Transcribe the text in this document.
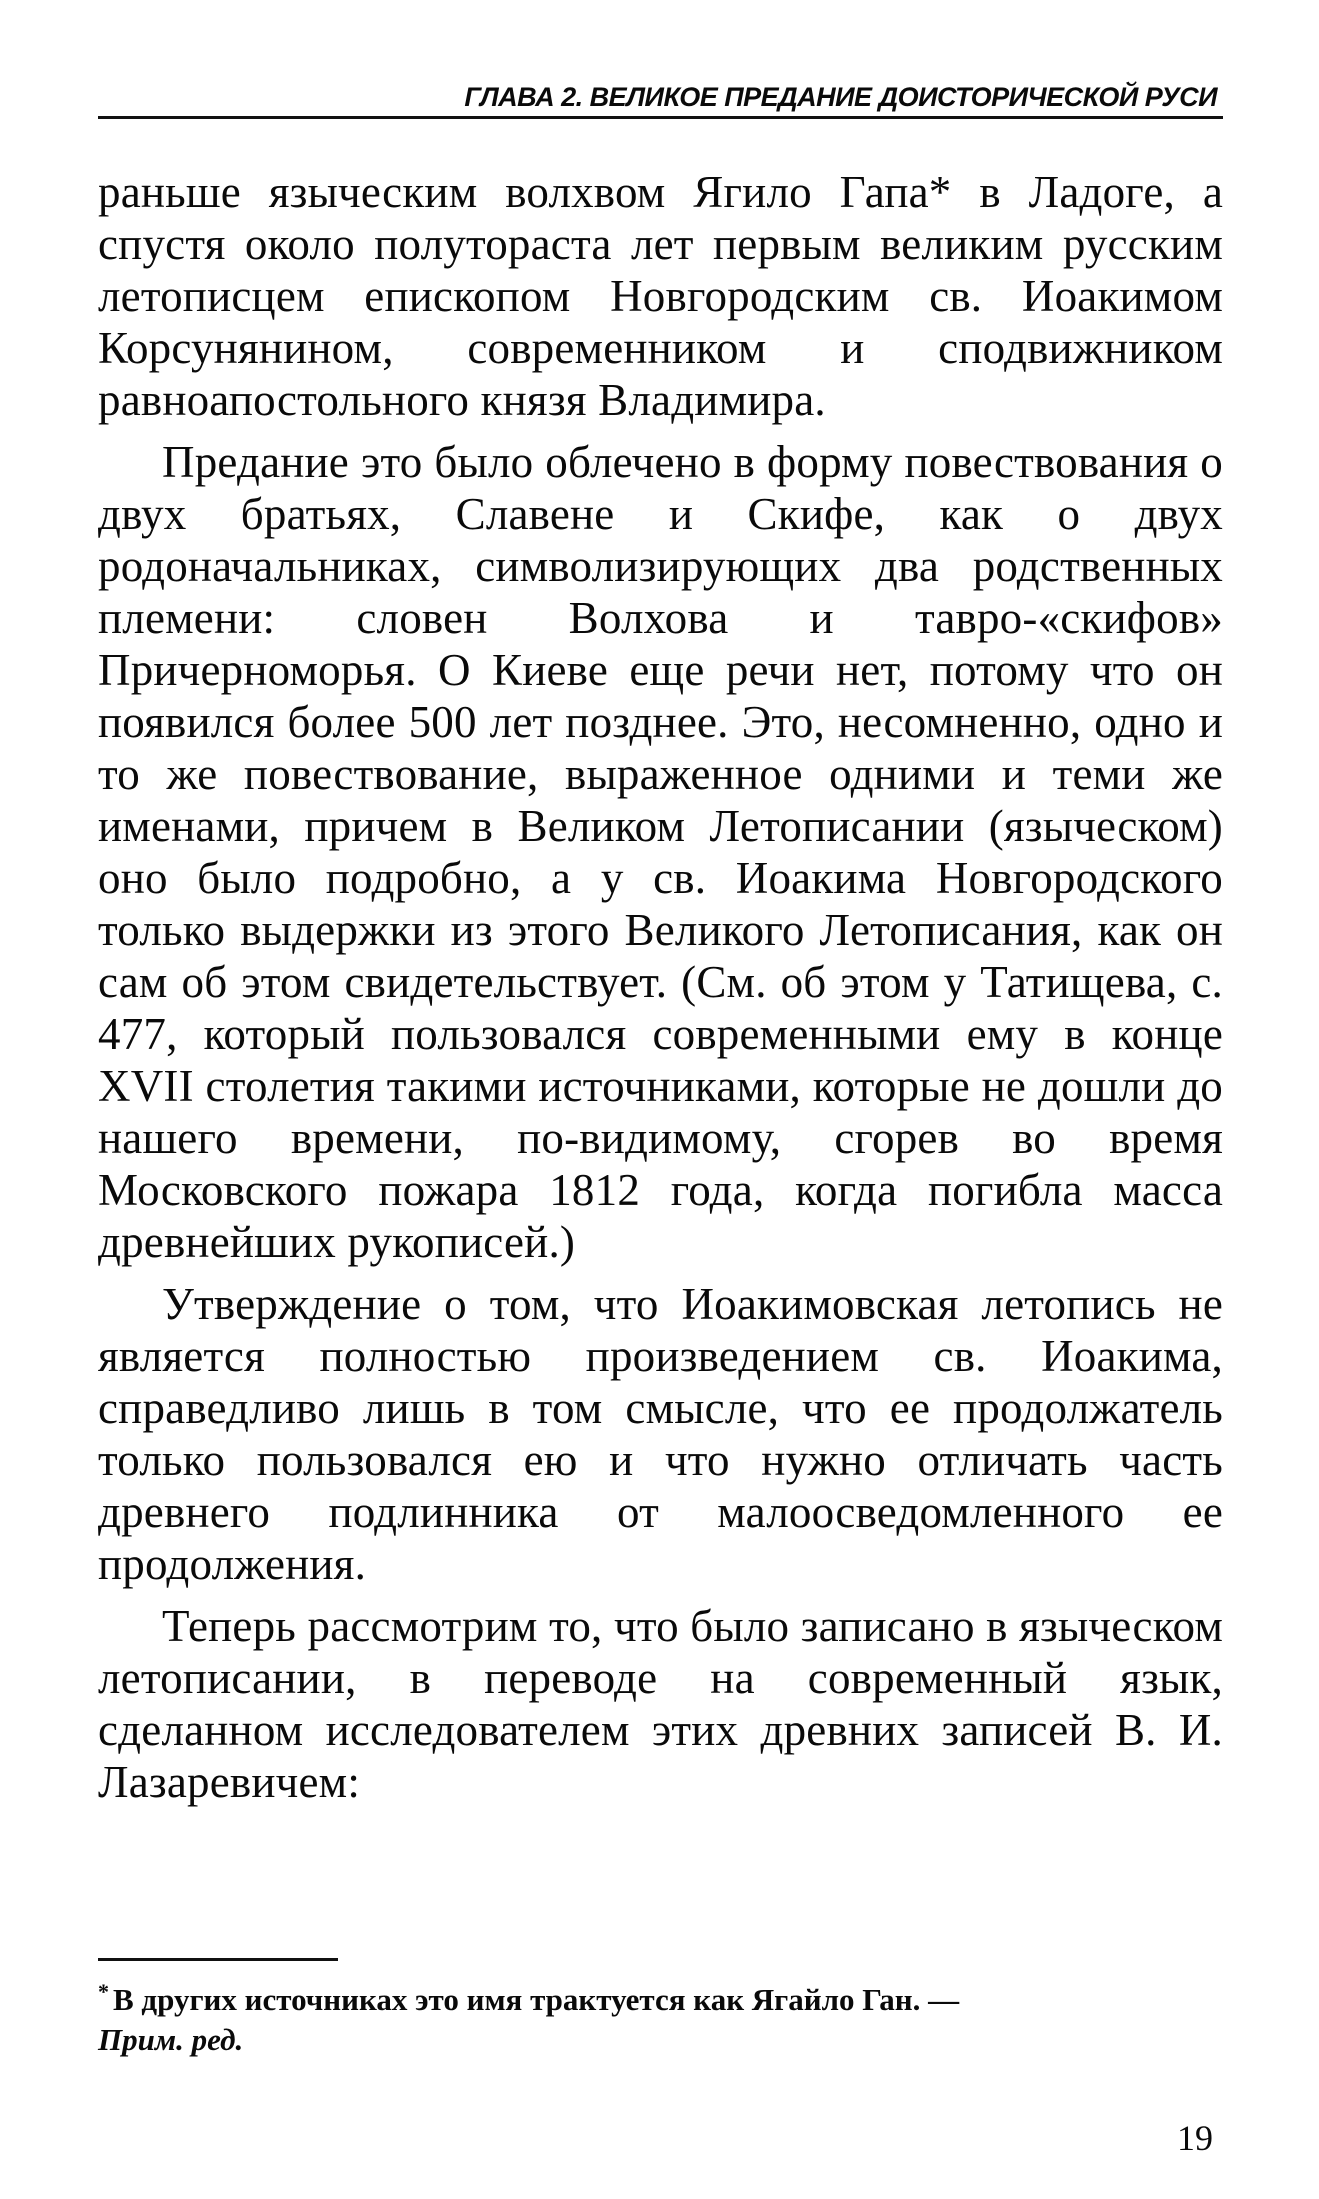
ГЛАВА 2. ВЕЛИКОЕ ПРЕДАНИЕ ДОИСТОРИЧЕСКОЙ РУСИ

раньше языческим волхвом Ягило Гапа* в Ладоге, а спустя около полутораста лет первым великим русским летописцем епископом Новгородским св. Иоакимом Корсунянином, современником и сподвижником равноапостольного князя Владимира.

Предание это было облечено в форму повествования о двух братьях, Славене и Скифе, как о двух родоначальниках, символизирующих два родственных племени: словен Волхова и тавро-«скифов» Причерноморья. О Киеве еще речи нет, потому что он появился более 500 лет позднее. Это, несомненно, одно и то же повествование, выраженное одними и теми же именами, причем в Великом Летописании (языческом) оно было подробно, а у св. Иоакима Новгородского только выдержки из этого Великого Летописания, как он сам об этом свидетельствует. (См. об этом у Татищева, с. 477, который пользовался современными ему в конце XVII столетия такими источниками, которые не дошли до нашего времени, по-видимому, сгорев во время Московского пожара 1812 года, когда погибла масса древнейших рукописей.)

Утверждение о том, что Иоакимовская летопись не является полностью произведением св. Иоакима, справедливо лишь в том смысле, что ее продолжатель только пользовался ею и что нужно отличать часть древнего подлинника от малоосведомленного ее продолжения.

Теперь рассмотрим то, что было записано в языческом летописании, в переводе на современный язык, сделанном исследователем этих древних записей В. И. Лазаревичем:

* В других источниках это имя трактуется как Ягайло Ган. —
Прим. ред.
19
